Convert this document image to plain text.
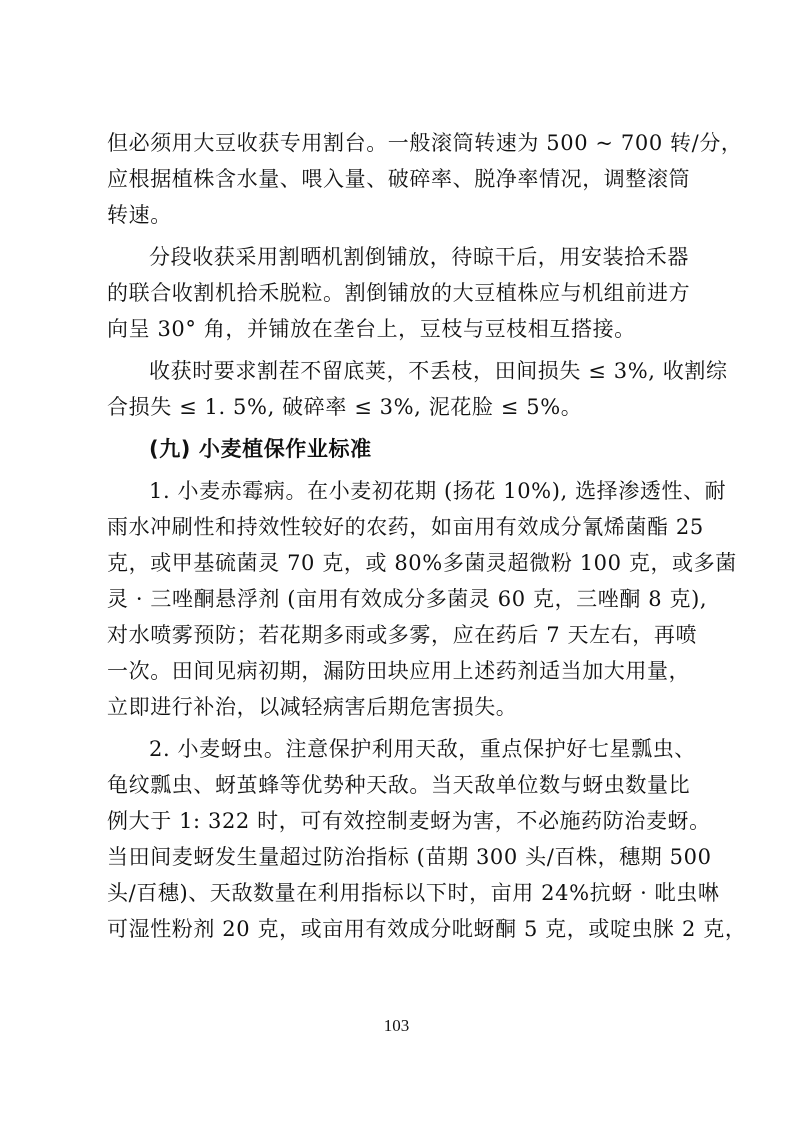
但必须用大豆收获专用割台。一般滚筒转速为 500 ~ 700 转/分，
应根据植株含水量、喂入量、破碎率、脱净率情况，调整滚筒
转速。
分段收获采用割晒机割倒铺放，待晾干后，用安装拾禾器
的联合收割机拾禾脱粒。割倒铺放的大豆植株应与机组前进方
向呈 30° 角，并铺放在垄台上，豆枝与豆枝相互搭接。
收获时要求割茬不留底荚，不丢枝，田间损失 ≤ 3%, 收割综
合损失 ≤ 1. 5%, 破碎率 ≤ 3%, 泥花脸 ≤ 5%。
(九) 小麦植保作业标准
1. 小麦赤霉病。在小麦初花期 (扬花 10%), 选择渗透性、耐
雨水冲刷性和持效性较好的农药，如亩用有效成分氰烯菌酯 25
克，或甲基硫菌灵 70 克，或 80%多菌灵超微粉 100 克，或多菌
灵 · 三唑酮悬浮剂 (亩用有效成分多菌灵 60 克，三唑酮 8 克),
对水喷雾预防；若花期多雨或多雾，应在药后 7 天左右，再喷
一次。田间见病初期，漏防田块应用上述药剂适当加大用量，
立即进行补治，以减轻病害后期危害损失。
2. 小麦蚜虫。注意保护利用天敌，重点保护好七星瓢虫、
龟纹瓢虫、蚜茧蜂等优势种天敌。当天敌单位数与蚜虫数量比
例大于 1: 322 时，可有效控制麦蚜为害，不必施药防治麦蚜。
当田间麦蚜发生量超过防治指标 (苗期 300 头/百株，穗期 500
头/百穗)、天敌数量在利用指标以下时，亩用 24%抗蚜 · 吡虫啉
可湿性粉剂 20 克，或亩用有效成分吡蚜酮 5 克，或啶虫脒 2 克，
103
